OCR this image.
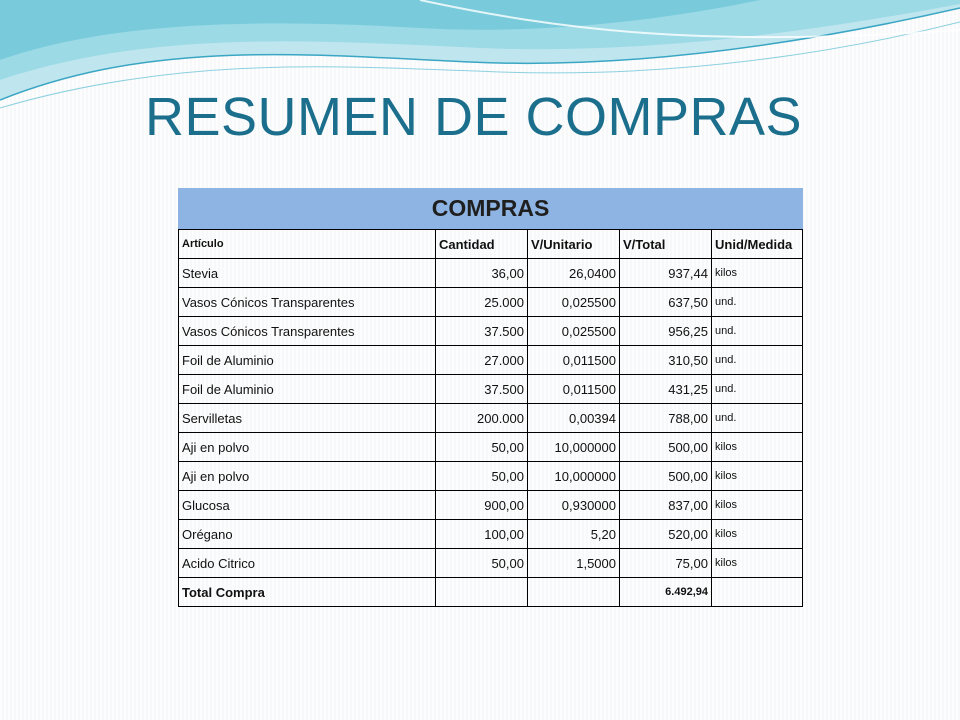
RESUMEN DE COMPRAS
COMPRAS
Artículo	Cantidad	V/Unitario	V/Total	Unid/Medida
Stevia	36,00	26,0400	937,44	kilos
Vasos Cónicos Transparentes	25.000	0,025500	637,50	und.
Vasos Cónicos Transparentes	37.500	0,025500	956,25	und.
Foil de Aluminio	27.000	0,011500	310,50	und.
Foil de Aluminio	37.500	0,011500	431,25	und.
Servilletas	200.000	0,00394	788,00	und.
Aji en polvo	50,00	10,000000	500,00	kilos
Aji en polvo	50,00	10,000000	500,00	kilos
Glucosa	900,00	0,930000	837,00	kilos
Orégano	100,00	5,20	520,00	kilos
Acido Citrico	50,00	1,5000	75,00	kilos
Total Compra			6.492,94	
